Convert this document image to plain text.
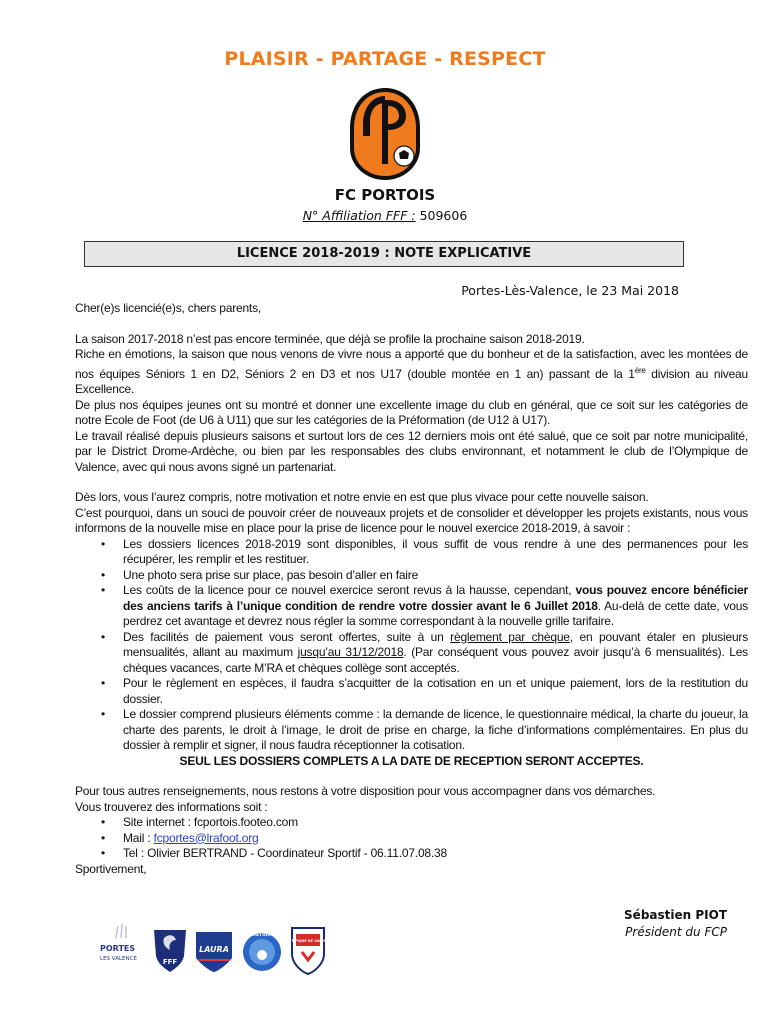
PLAISIR - PARTAGE - RESPECT
FC PORTOIS
N° Affiliation FFF : 509606
LICENCE 2018-2019 : NOTE EXPLICATIVE
Portes-Lès-Valence, le 23 Mai 2018

Cher(e)s licencié(e)s, chers parents,

La saison 2017-2018 n’est pas encore terminée, que déjà se profile la prochaine saison 2018-2019.

Riche en émotions, la saison que nous venons de vivre nous a apporté que du bonheur et de la satisfaction, avec les montées de nos équipes Séniors 1 en D2, Séniors 2 en D3 et nos U17 (double montée en 1 an) passant de la 1ère division au niveau Excellence.

De plus nos équipes jeunes ont su montré et donner une excellente image du club en général, que ce soit sur les catégories de notre Ecole de Foot (de U6 à U11) que sur les catégories de la Préformation (de U12 à U17).

Le travail réalisé depuis plusieurs saisons et surtout lors de ces 12 derniers mois ont été salué, que ce soit par notre municipalité, par le District Drome-Ardèche, ou bien par les responsables des clubs environnant, et notamment le club de l’Olympique de Valence, avec qui nous avons signé un partenariat.

Dès lors, vous l’aurez compris, notre motivation et notre envie en est que plus vivace pour cette nouvelle saison.

C’est pourquoi, dans un souci de pouvoir créer de nouveaux projets et de consolider et développer les projets existants, nous vous informons de la nouvelle mise en place pour la prise de licence pour le nouvel exercice 2018-2019, à savoir :

• Les dossiers licences 2018-2019 sont disponibles, il vous suffit de vous rendre à une des permanences pour les récupérer, les remplir et les restituer.

• Une photo sera prise sur place, pas besoin d’aller en faire

• Les coûts de la licence pour ce nouvel exercice seront revus à la hausse, cependant, vous pouvez encore bénéficier des anciens tarifs à l’unique condition de rendre votre dossier avant le 6 Juillet 2018. Au-delà de cette date, vous perdrez cet avantage et devrez nous régler la somme correspondant à la nouvelle grille tarifaire.

• Des facilités de paiement vous seront offertes, suite à un règlement par chèque, en pouvant étaler en plusieurs mensualités, allant au maximum jusqu’au 31/12/2018. (Par conséquent vous pouvez avoir jusqu’à 6 mensualités). Les chèques vacances, carte M’RA et chèques collège sont acceptés.

• Pour le règlement en espèces, il faudra s’acquitter de la cotisation en un et unique paiement, lors de la restitution du dossier.

• Le dossier comprend plusieurs éléments comme : la demande de licence, le questionnaire médical, la charte du joueur, la charte des parents, le droit à l’image, le droit de prise en charge, la fiche d’informations complémentaires. En plus du dossier à remplir et signer, il nous faudra réceptionner la cotisation.

SEUL LES DOSSIERS COMPLETS A LA DATE DE RECEPTION SERONT ACCEPTES.

Pour tous autres renseignements, nous restons à votre disposition pour vous accompagner dans vos démarches.

Vous trouverez des informations soit :

• Site internet : fcportois.footeo.com

• Mail : fcportes@lrafoot.org

• Tel : Olivier BERTRAND - Coordinateur Sportif - 06.11.07.08.38

Sportivement,

Sébastien PIOT
Président du FCP
PORTES
LES VALENCE	FFF
LAURA
DISTRICT
OLYMPIQUE DE VALENCE
